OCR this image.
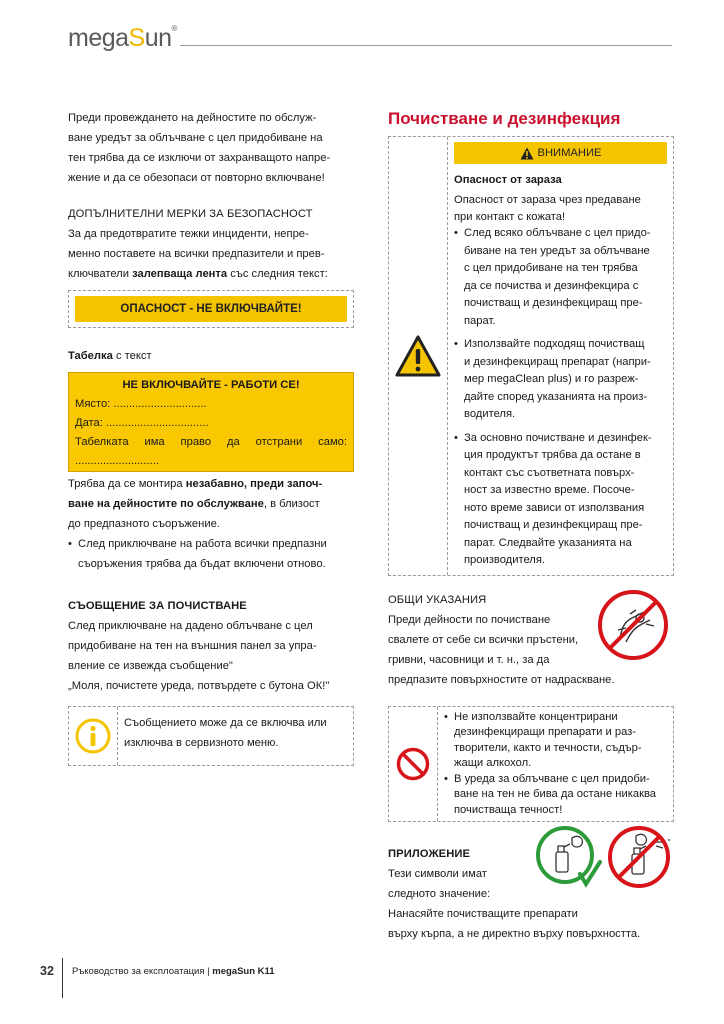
megaSun®

Преди провеждането на дейностите по обслуж-

ване уредът за облъчване с цел придобиване на

тен трябва да се изключи от захранващото напре-

жение и да се обезопаси от повторно включване!

ДОПЪЛНИТЕЛНИ МЕРКИ ЗА БЕЗОПАСНОСТ

За да предотвратите тежки инциденти, непре-

менно поставете на всички предпазители и прев-

ключватели залепваща лента със следния текст:

ОПАСНОСТ - НЕ ВКЛЮЧВАЙТЕ!

Табелка с текст

НЕ ВКЛЮЧВАЙТЕ - РАБОТИ СЕ!
Място: ..............................
Дата: .................................
Табелката има право да отстрани само:
...........................

Трябва да се монтира незабавно, преди започ-

ване на дейностите по обслужване, в близост

до предпазното съоръжение.

• След приключване на работа всички предпазни
съоръжения трябва да бъдат включени отново.

СЪОБЩЕНИЕ ЗА ПОЧИСТВАНЕ

След приключване на дадено облъчване с цел

придобиване на тен на външния панел за упра-

вление се извежда съобщение"

„Моля, почистете уреда, потвърдете с бутона ОК!"

Съобщението може да се включва или
изключва в сервизното меню.
Почистване и дезинфекция
ВНИМАНИЕ

Опасност от зараза

Опасност от зараза чрез предаване

при контакт с кожата!

• След всяко облъчване с цел придо-
биване на тен уредът за облъчване
с цел придобиване на тен трябва
да се почиства и дезинфекцира с
почистващ и дезинфекциращ пре-
парат.
• Използвайте подходящ почистващ
и дезинфекциращ препарат (напри-
мер megaClean plus) и го разреж-
дайте според указанията на произ-
водителя.
• За основно почистване и дезинфек-
ция продуктът трябва да остане в
контакт със съответната повърх-
ност за известно време. Посоче-
ното време зависи от използвания
почистващ и дезинфекциращ пре-
парат. Следвайте указанията на
производителя.

ОБЩИ УКАЗАНИЯ

Преди дейности по почистване

свалете от себе си всички пръстени,

гривни, часовници и т. н., за да

предпазите повърхностите от надраскване.

• Не използвайте концентрирани
дезинфекциращи препарати и раз-
творители, както и течности, съдър-
жащи алкохол.
• В уреда за облъчване с цел придоби-
ване на тен не бива да остане никаква
почистваща течност!

ПРИЛОЖЕНИЕ

Тези символи имат

следното значение:

Нанасяйте почистващите препарати

върху кърпа, а не директно върху повърхността.

32 Ръководство за експлоатация | megaSun K11
